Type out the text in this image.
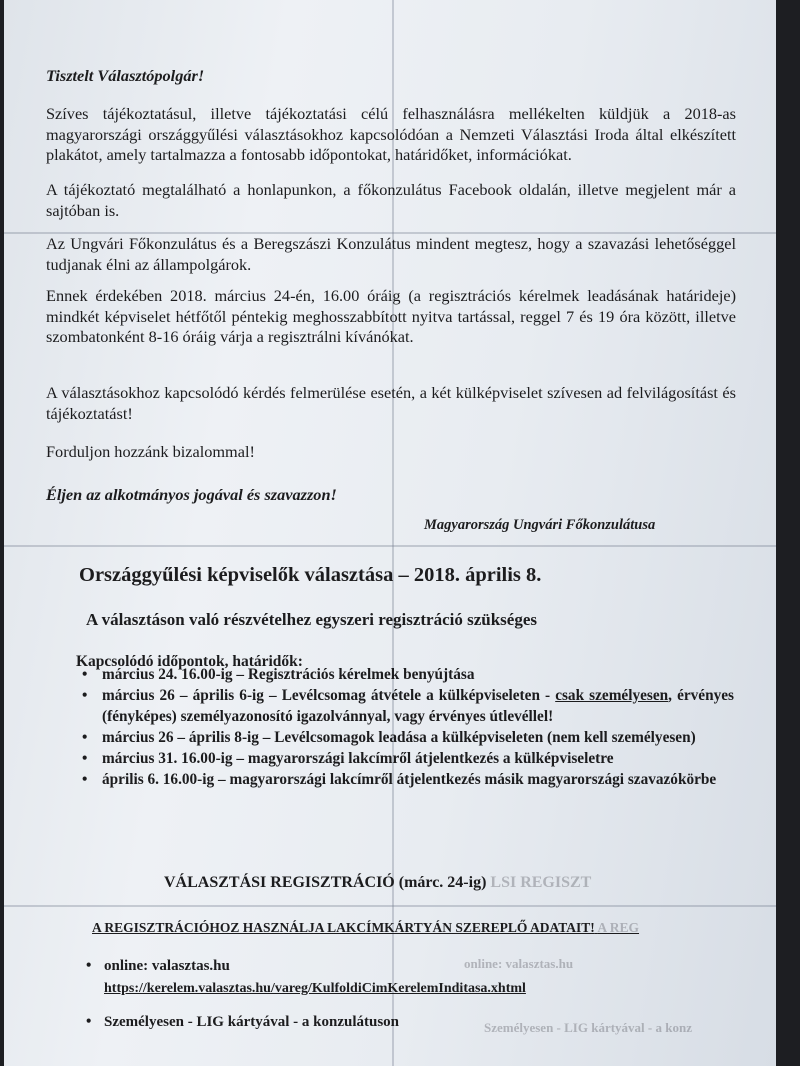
Tisztelt Választópolgár!

Szíves tájékoztatásul, illetve tájékoztatási célú felhasználásra mellékelten küldjük a 2018-as magyarországi országgyűlési választásokhoz kapcsolódóan a Nemzeti Választási Iroda által elkészített plakátot, amely tartalmazza a fontosabb időpontokat, határidőket, információkat.

A tájékoztató megtalálható a honlapunkon, a főkonzulátus Facebook oldalán, illetve megjelent már a sajtóban is.

Az Ungvári Főkonzulátus és a Beregszászi Konzulátus mindent megtesz, hogy a szavazási lehetőséggel tudjanak élni az állampolgárok.

Ennek érdekében 2018. március 24-én, 16.00 óráig (a regisztrációs kérelmek leadásának határideje) mindkét képviselet hétfőtől péntekig meghosszabbított nyitva tartással, reggel 7 és 19 óra között, illetve szombatonként 8-16 óráig várja a regisztrálni kívánókat.

A választásokhoz kapcsolódó kérdés felmerülése esetén, a két külképviselet szívesen ad felvilágosítást és tájékoztatást!

Forduljon hozzánk bizalommal!

Éljen az alkotmányos jogával és szavazzon!

Magyarország Ungvári Főkonzulátusa

Országgyűlési képviselők választása – 2018. április 8.

A választáson való részvételhez egyszeri regisztráció szükséges

Kapcsolódó időpontok, határidők:

• március 24. 16.00-ig – Regisztrációs kérelmek benyújtása
• március 26 – április 6-ig – Levélcsomag átvétele a külképviseleten - csak személyesen, érvényes (fényképes) személyazonosító igazolvánnyal, vagy érvényes útlevéllel!
• március 26 – április 8-ig – Levélcsomagok leadása a külképviseleten (nem kell személyesen)
• március 31. 16.00-ig – magyarországi lakcímről átjelentkezés a külképviseletre
• április 6. 16.00-ig – magyarországi lakcímről átjelentkezés másik magyarországi szavazókörbe

VÁLASZTÁSI REGISZTRÁCIÓ (márc. 24-ig) LSI REGISZT

A REGISZTRÁCIÓHOZ HASZNÁLJA LAKCÍMKÁRTYÁN SZEREPLŐ ADATAIT! A REG

• online: valasztas.hu	online: valasztas.hu

https://kerelem.valasztas.hu/vareg/KulfoldiCimKerelemInditasa.xhtml
• Személyesen - LIG kártyával - a konzulátuson	Személyesen - LIG kártyával - a konz
